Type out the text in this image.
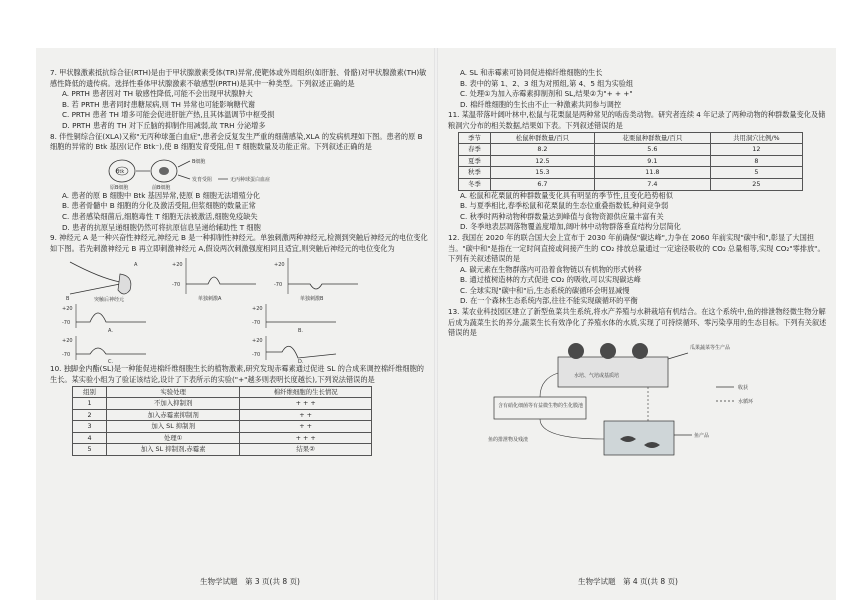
7. 甲状腺激素抵抗综合征(RTH)是由于甲状腺激素受体(TR)异常,使靶体或外周组织(如肝脏、骨骼)对甲状腺激素(TH)敏感性降低的遗传病。选择性垂体甲状腺激素不敏感型(PRTH)是其中一种类型。下列叙述正确的是

A. PRTH 患者因对 TH 敏感性降低,可能不会出现甲状腺肿大

B. 若 PRTH 患者同时患糖尿病,则 TH 异常也可能影响糖代谢

C. PRTH 患者 TH 增多可能会促进肝脏产热,且其体温调节中枢受损

D. PRTH 患者的 TH 对下丘脑的抑制作用减弱,故 TRH 分泌增多

8. 伴性铜综合征(XLA)又称"无丙种球蛋白血症",患者会反复发生严重的细菌感染,XLA 的发病机理如下图。患者的原 B 细胞的异常的 Btk 基因(记作 Btk⁻),使 B 细胞发育受阻,但 T 细胞数量及功能正常。下列叙述正确的是

Btk
原B细胞	前B细胞
B细胞
发育受阻	无丙种球蛋白血症

A. 患者的原 B 细胞中 Btk 基因异常,使原 B 细胞无法增殖分化

B. 患者骨髓中 B 细胞的分化及激活受阻,但浆细胞的数量正常

C. 患者感染细菌后,细胞毒性 T 细胞无法被激活,细胞免疫缺失

D. 患者的抗原呈递细胞仍然可将抗原信息呈递给辅助性 T 细胞

9. 神经元 A 是一种兴奋性神经元,神经元 B 是一种抑制性神经元。单独刺激两种神经元,检测到突触后神经元的电位变化如下图。若先刺激神经元 B 再立即刺激神经元 A,假设两次刺激强度相同且适宜,则突触后神经元的电位变化为

A
B	突触后神经元
+20
-70
单独刺激A
+20
-70
单独刺激B
+20
-70
A.
+20
-70
B.
+20
-70
C.
+20
-70
D.

10. 独脚金内酯(SL)是一种能促进棉纤维细胞生长的植物激素,研究发现赤霉素通过促进 SL 的合成来调控棉纤维细胞的生长。某实验小组为了验证该结论,设计了下表所示的实验("+"越多则表明长度越长),下列说法错误的是

组别	实验处理	棉纤维细胞的生长情况
1	不加入抑制剂	+ + +
2	加入赤霉素抑制剂	+ +
3	加入 SL 抑制剂	+ +
4	处理①	+ + +
5	加入 SL 抑制剂,赤霉素	结果②
生物学试题　第 3 页(共 8 页)

A. SL 和赤霉素可协同促进棉纤维细胞的生长

B. 表中的第 1、2、3 组为对照组,第 4、5 组为实验组

C. 处理①为加入赤霉素抑制剂和 SL,结果②为"+ + +"

D. 棉纤维细胞的生长由不止一种激素共同参与调控

11. 某温带落叶阔叶林中,松鼠与花栗鼠是两种常见的啮齿类动物。研究者连续 4 年记录了两种动物的种群数量变化及储粮洞穴分布的相关数据,结果如下表。下列叙述错误的是

季节	松鼠种群数量/百只	花栗鼠种群数量/百只	共用洞穴比例/%
春季	8.2	5.6	12
夏季	12.5	9.1	8
秋季	15.3	11.8	5
冬季	6.7	7.4	25

A. 松鼠和花栗鼠的种群数量变化具有明显的季节性,且变化趋势相似

B. 与夏季相比,春季松鼠和花栗鼠的生态位重叠指数低,种间竞争弱

C. 秋季时两种动物种群数量达到峰值与食物资源供应量丰富有关

D. 冬季地表层凋落物覆盖度增加,阔叶林中动物群落垂直结构分层简化

12. 我国在 2020 年的联合国大会上宣布于 2030 年前确保"碳达峰",力争在 2060 年前实现"碳中和",彰显了大国担当。"碳中和"是指在一定时间直接或间接产生的 CO₂ 排放总量通过一定途径吸收的 CO₂ 总量相等,实现 CO₂"零排放"。下列有关叙述错误的是

A. 碳元素在生物群落内可沿着食物链以有机物的形式转移

B. 通过植树造林的方式促进 CO₂ 的吸收,可以实现碳达峰

C. 全球实现"碳中和"后,生态系统的碳循环会明显减慢

D. 在一个森林生态系统内部,往往不能实现碳循环的平衡

13. 某农业科技园区建立了新型鱼菜共生系统,将水产养殖与水耕栽培有机结合。在这个系统中,鱼的排泄物经微生物分解后成为蔬菜生长的养分,蔬菜生长有效净化了养殖水体的水质,实现了可持续循环、零污染享用的生态目标。下列有关叙述错误的是

水培、气培或基质培
瓜果蔬菜等生产品
含有硝化细菌等有益微生物的生化膜池
鱼的排泄物及残渣
鱼产品
收获
水循环
生物学试题　第 4 页(共 8 页)
